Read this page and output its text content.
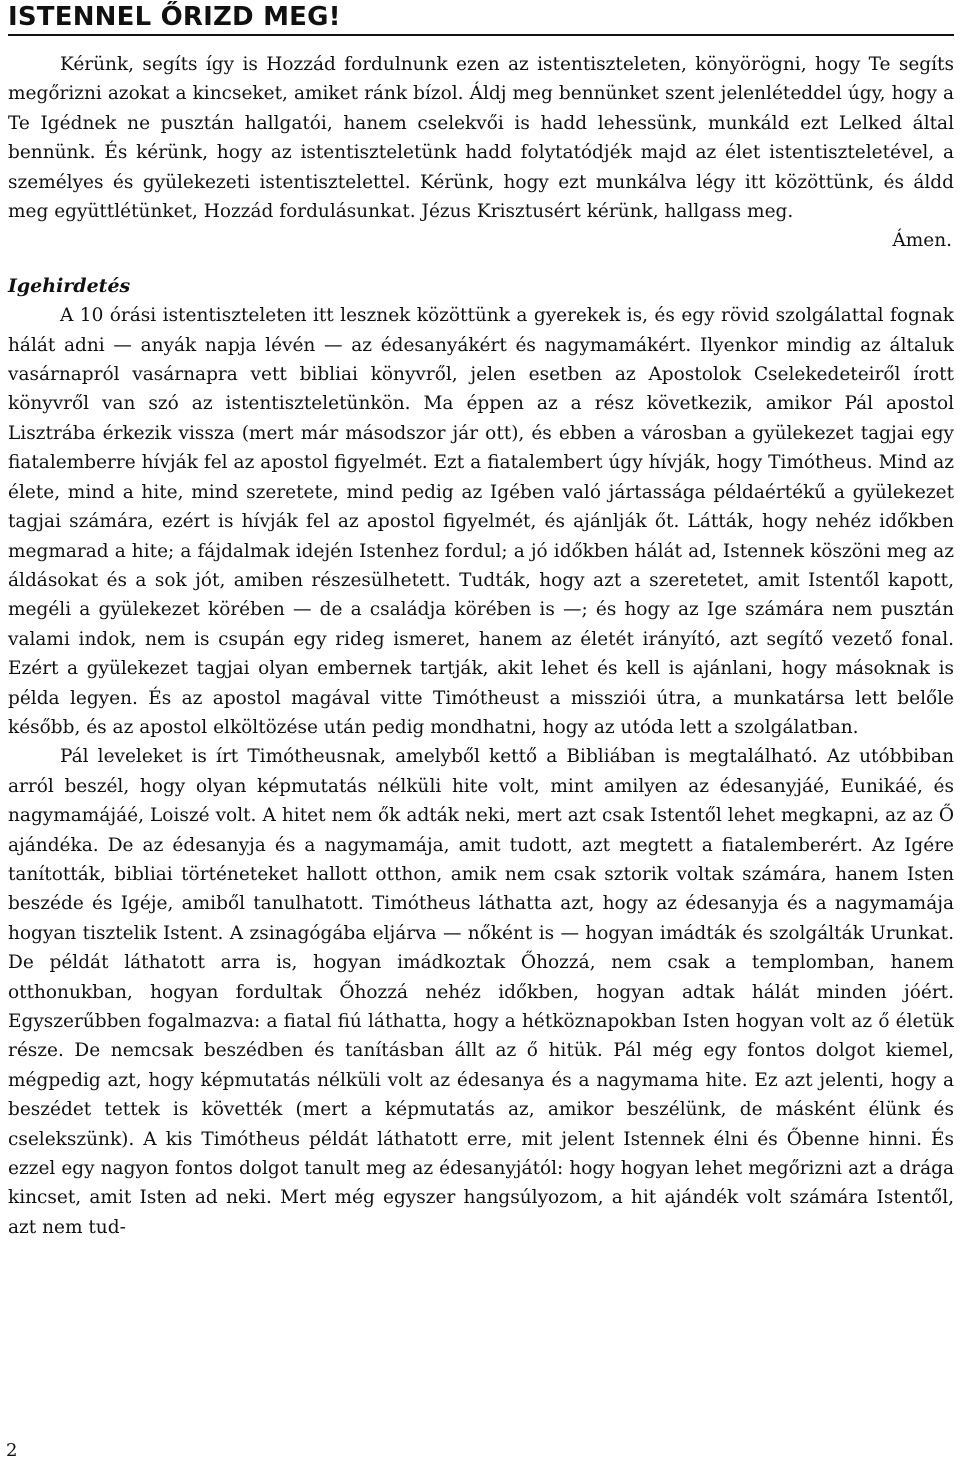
ISTENNEL ŐRIZD MEG!

Kérünk, segíts így is Hozzád fordulnunk ezen az istentiszteleten, könyörögni, hogy Te segíts megőrizni azokat a kincseket, amiket ránk bízol. Áldj meg bennünket szent jelenléteddel úgy, hogy a Te Igédnek ne pusztán hallgatói, hanem cselekvői is hadd lehessünk, munkáld ezt Lelked által bennünk. És kérünk, hogy az istentiszteletünk hadd folytatódjék majd az élet istentiszteletével, a személyes és gyülekezeti istentisztelettel. Kérünk, hogy ezt munkálva légy itt közöttünk, és áldd meg együttlétünket, Hozzád fordulásunkat. Jézus Krisztusért kérünk, hallgass meg.

Ámen.

Igehirdetés

A 10 órási istentiszteleten itt lesznek közöttünk a gyerekek is, és egy rövid szolgálattal fognak hálát adni — anyák napja lévén — az édesanyákért és nagymamákért. Ilyenkor mindig az általuk vasárnapról vasárnapra vett bibliai könyvről, jelen esetben az Apostolok Cselekedeteiről írott könyvről van szó az istentiszteletünkön. Ma éppen az a rész következik, amikor Pál apostol Lisztrába érkezik vissza (mert már másodszor jár ott), és ebben a városban a gyülekezet tagjai egy fiatalemberre hívják fel az apostol figyelmét. Ezt a fiatalembert úgy hívják, hogy Timótheus. Mind az élete, mind a hite, mind szeretete, mind pedig az Igében való jártassága példaértékű a gyülekezet tagjai számára, ezért is hívják fel az apostol figyelmét, és ajánlják őt. Látták, hogy nehéz időkben megmarad a hite; a fájdalmak idején Istenhez fordul; a jó időkben hálát ad, Istennek köszöni meg az áldásokat és a sok jót, amiben részesülhetett. Tudták, hogy azt a szeretetet, amit Istentől kapott, megéli a gyülekezet körében — de a családja körében is —; és hogy az Ige számára nem pusztán valami indok, nem is csupán egy rideg ismeret, hanem az életét irányító, azt segítő vezető fonal. Ezért a gyülekezet tagjai olyan embernek tartják, akit lehet és kell is ajánlani, hogy másoknak is példa legyen. És az apostol magával vitte Timótheust a missziói útra, a munkatársa lett belőle később, és az apostol elköltözése után pedig mondhatni, hogy az utóda lett a szolgálatban.

Pál leveleket is írt Timótheusnak, amelyből kettő a Bibliában is megtalálható. Az utóbbiban arról beszél, hogy olyan képmutatás nélküli hite volt, mint amilyen az édesanyjáé, Eunikáé, és nagymamájáé, Loiszé volt. A hitet nem ők adták neki, mert azt csak Istentől lehet megkapni, az az Ő ajándéka. De az édesanyja és a nagymamája, amit tudott, azt megtett a fiatalemberért. Az Igére tanították, bibliai történeteket hallott otthon, amik nem csak sztorik voltak számára, hanem Isten beszéde és Igéje, amiből tanulhatott. Timótheus láthatta azt, hogy az édesanyja és a nagymamája hogyan tisztelik Istent. A zsinagógába eljárva — nőként is — hogyan imádták és szolgálták Urunkat. De példát láthatott arra is, hogyan imádkoztak Őhozzá, nem csak a templomban, hanem otthonukban, hogyan fordultak Őhozzá nehéz időkben, hogyan adtak hálát minden jóért. Egyszerűbben fogalmazva: a fiatal fiú láthatta, hogy a hétköznapokban Isten hogyan volt az ő életük része. De nemcsak beszédben és tanításban állt az ő hitük. Pál még egy fontos dolgot kiemel, mégpedig azt, hogy képmutatás nélküli volt az édesanya és a nagymama hite. Ez azt jelenti, hogy a beszédet tettek is követték (mert a képmutatás az, amikor beszélünk, de másként élünk és cselekszünk). A kis Timótheus példát láthatott erre, mit jelent Istennek élni és Őbenne hinni. És ezzel egy nagyon fontos dolgot tanult meg az édesanyjától: hogy hogyan lehet megőrizni azt a drága kincset, amit Isten ad neki. Mert még egyszer hangsúlyozom, a hit ajándék volt számára Istentől, azt nem tud-

2
